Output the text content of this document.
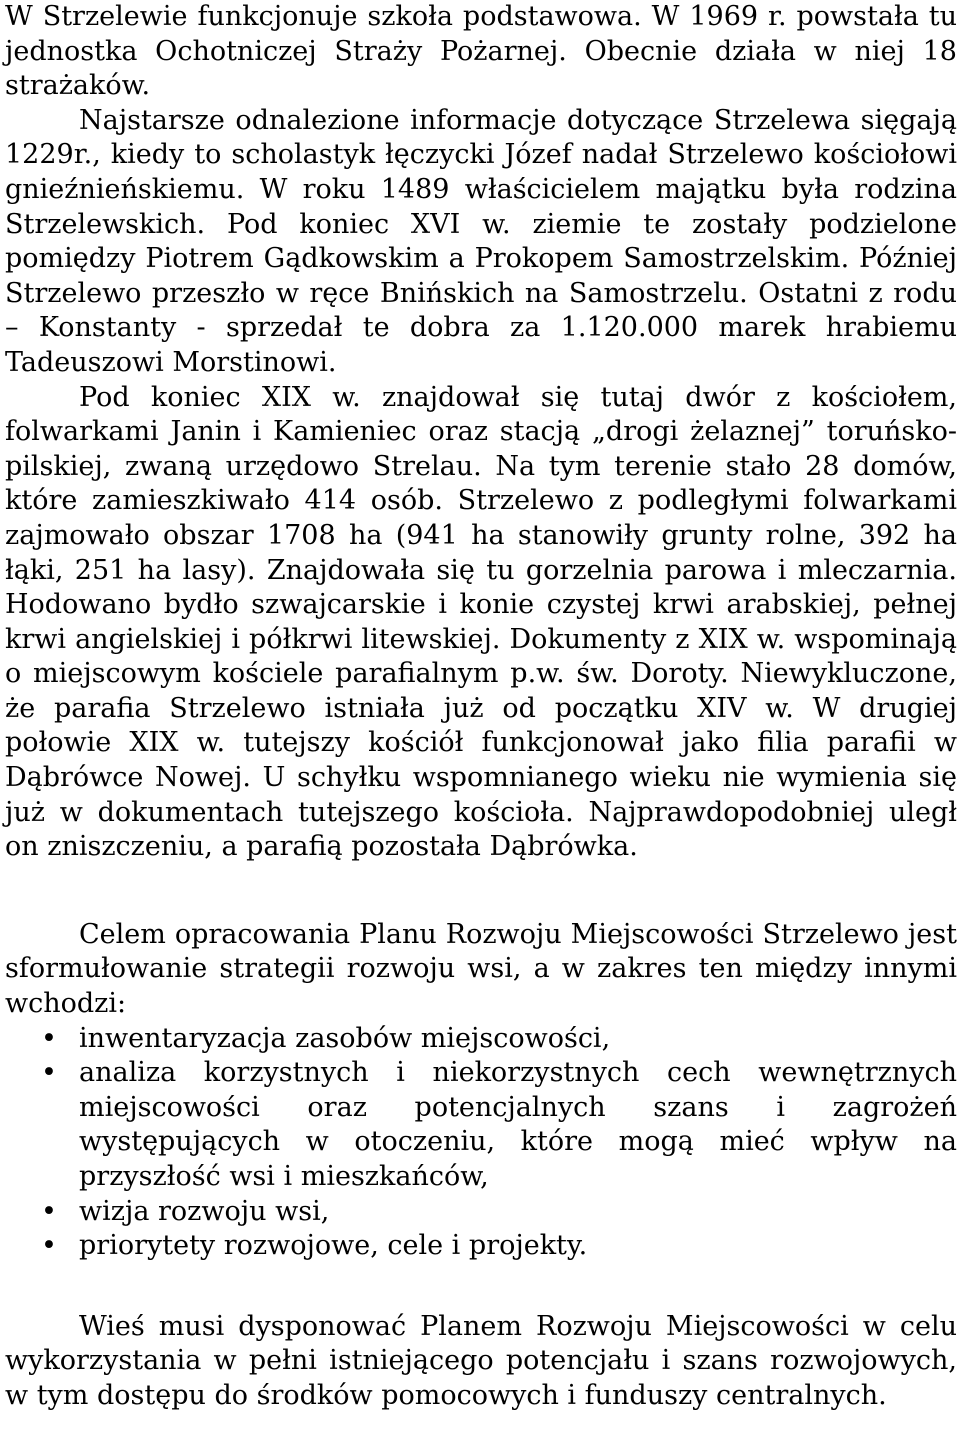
W Strzelewie funkcjonuje szkoła podstawowa. W 1969 r. powstała tu jednostka Ochotniczej Straży Pożarnej. Obecnie działa w niej 18 strażaków.

Najstarsze odnalezione informacje dotyczące Strzelewa sięgają 1229r., kiedy to scholastyk łęczycki Józef nadał Strzelewo kościołowi gnieźnieńskiemu. W roku 1489 właścicielem majątku była rodzina Strzelewskich. Pod koniec XVI w. ziemie te zostały podzielone pomiędzy Piotrem Gądkowskim a Prokopem Samostrzelskim. Później Strzelewo przeszło w ręce Bnińskich na Samostrzelu. Ostatni z rodu – Konstanty - sprzedał te dobra za 1.120.000 marek hrabiemu Tadeuszowi Morstinowi.

Pod koniec XIX w. znajdował się tutaj dwór z kościołem, folwarkami Janin i Kamieniec oraz stacją „drogi żelaznej” toruńsko-pilskiej, zwaną urzędowo Strelau. Na tym terenie stało 28 domów, które zamieszkiwało 414 osób. Strzelewo z podległymi folwarkami zajmowało obszar 1708 ha (941 ha stanowiły grunty rolne, 392 ha łąki, 251 ha lasy). Znajdowała się tu gorzelnia parowa i mleczarnia. Hodowano bydło szwajcarskie i konie czystej krwi arabskiej, pełnej krwi angielskiej i półkrwi litewskiej. Dokumenty z XIX w. wspominają o miejscowym kościele parafialnym p.w. św. Doroty. Niewykluczone, że parafia Strzelewo istniała już od początku XIV w. W drugiej połowie XIX w. tutejszy kościół funkcjonował jako filia parafii w Dąbrówce Nowej. U schyłku wspomnianego wieku nie wymienia się już w dokumentach tutejszego kościoła. Najprawdopodobniej uległ on zniszczeniu, a parafią pozostała Dąbrówka.

Celem opracowania Planu Rozwoju Miejscowości Strzelewo jest sformułowanie strategii rozwoju wsi, a w zakres ten między innymi wchodzi:

• inwentaryzacja zasobów miejscowości,
• analiza korzystnych i niekorzystnych cech wewnętrznych miejscowości oraz potencjalnych szans i zagrożeń występujących w otoczeniu, które mogą mieć wpływ na przyszłość wsi i mieszkańców,
• wizja rozwoju wsi,
• priorytety rozwojowe, cele i projekty.

Wieś musi dysponować Planem Rozwoju Miejscowości w celu wykorzystania w pełni istniejącego potencjału i szans rozwojowych, w tym dostępu do środków pomocowych i funduszy centralnych.
